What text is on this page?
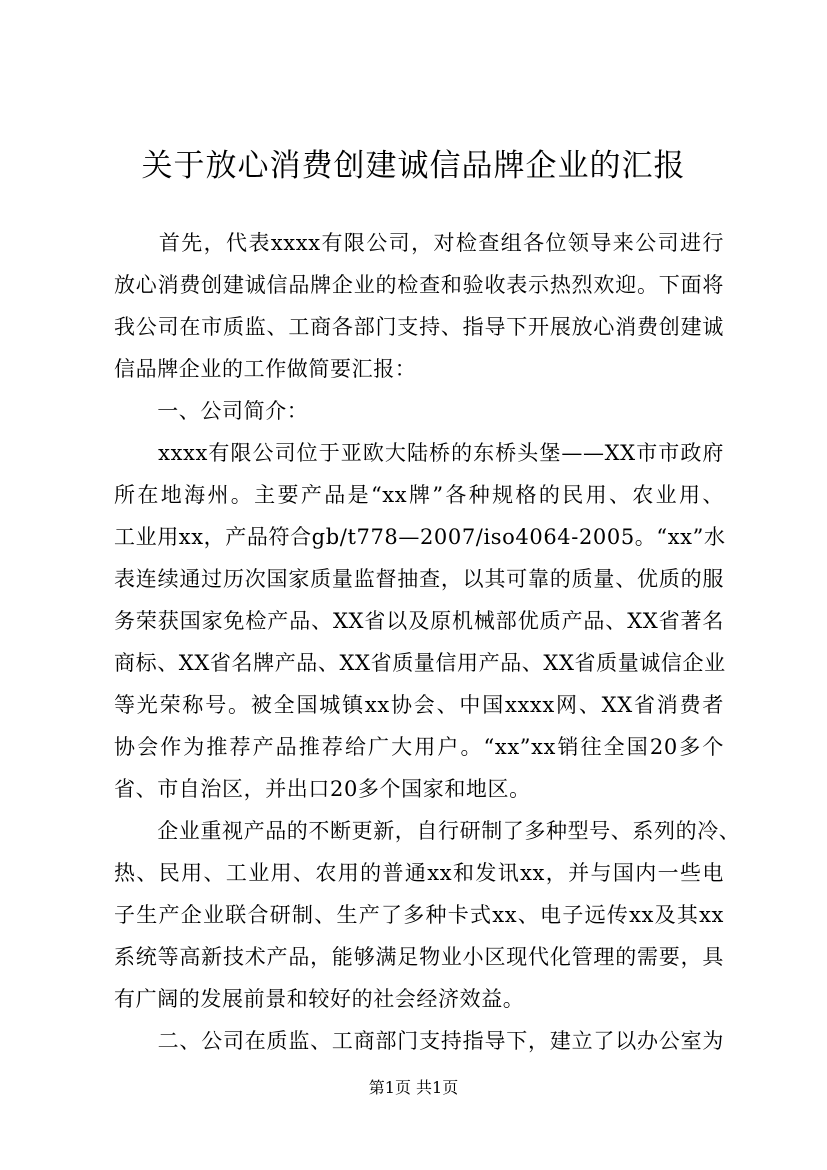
关于放心消费创建诚信品牌企业的汇报
　　首先，代表xxxx有限公司，对检查组各位领导来公司进行
放心消费创建诚信品牌企业的检查和验收表示热烈欢迎。下面将
我公司在市质监、工商各部门支持、指导下开展放心消费创建诚
信品牌企业的工作做简要汇报：
　　一、公司简介：
　　xxxx有限公司位于亚欧大陆桥的东桥头堡——XX市市政府
所在地海州。主要产品是“xx牌”各种规格的民用、农业用、
工业用xx，产品符合gb/t778—2007/iso4064-2005。“xx”水
表连续通过历次国家质量监督抽查，以其可靠的质量、优质的服
务荣获国家免检产品、XX省以及原机械部优质产品、XX省著名
商标、XX省名牌产品、XX省质量信用产品、XX省质量诚信企业
等光荣称号。被全国城镇xx协会、中国xxxx网、XX省消费者
协会作为推荐产品推荐给广大用户。“xx”xx销往全国20多个
省、市自治区，并出口20多个国家和地区。
　　企业重视产品的不断更新，自行研制了多种型号、系列的冷、
热、民用、工业用、农用的普通xx和发讯xx，并与国内一些电
子生产企业联合研制、生产了多种卡式xx、电子远传xx及其xx
系统等高新技术产品，能够满足物业小区现代化管理的需要，具
有广阔的发展前景和较好的社会经济效益。
　　二、公司在质监、工商部门支持指导下，建立了以办公室为
第1页 共1页
